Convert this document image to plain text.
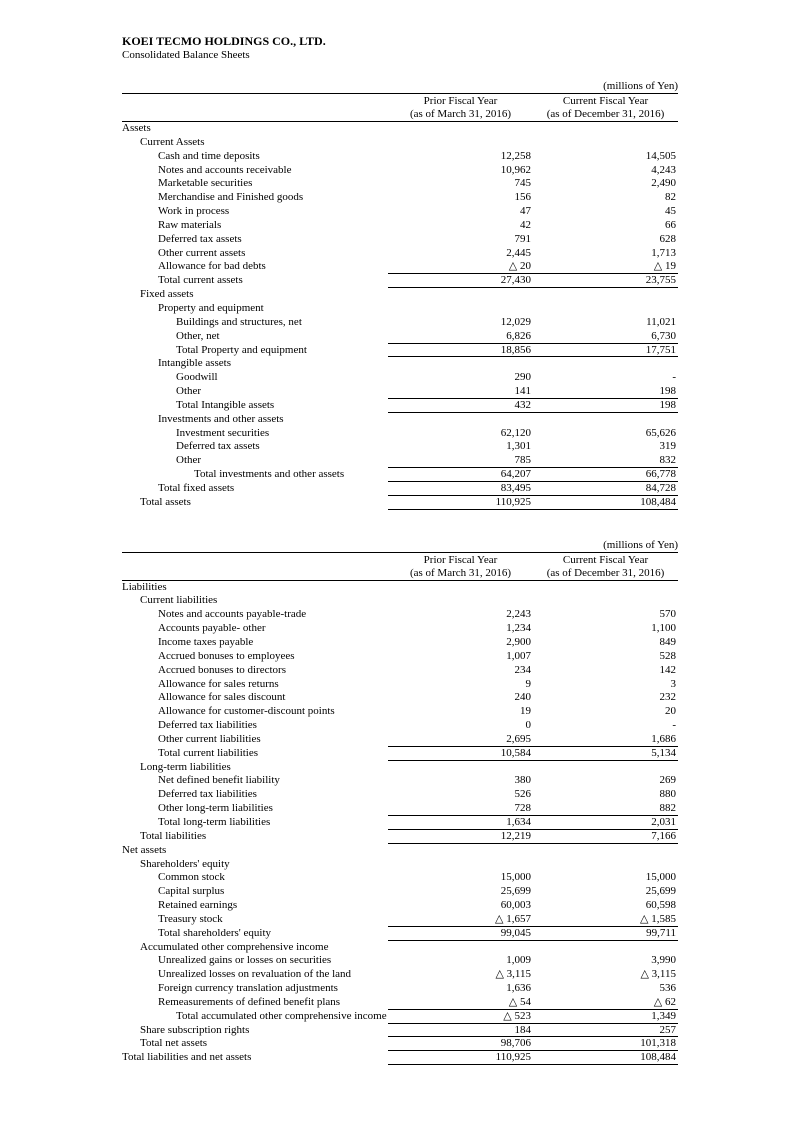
KOEI TECMO HOLDINGS CO., LTD.
Consolidated Balance Sheets
(millions of Yen)
Prior Fiscal Year
(as of March 31, 2016)
Current Fiscal Year
(as of December 31, 2016)
Assets
Current Assets
Cash and time deposits	12,258	14,505
Notes and accounts receivable	10,962	4,243
Marketable securities	745	2,490
Merchandise and Finished goods	156	82
Work in process	47	45
Raw materials	42	66
Deferred tax assets	791	628
Other current assets	2,445	1,713
Allowance for bad debts	△ 20	△ 19
Total current assets	27,430	23,755
Fixed assets
Property and equipment
Buildings and structures, net	12,029	11,021
Other, net	6,826	6,730
Total Property and equipment	18,856	17,751
Intangible assets
Goodwill	290	-
Other	141	198
Total Intangible assets	432	198
Investments and other assets
Investment securities	62,120	65,626
Deferred tax assets	1,301	319
Other	785	832
Total investments and other assets	64,207	66,778
Total fixed assets	83,495	84,728
Total assets	110,925	108,484
(millions of Yen)
Prior Fiscal Year
(as of March 31, 2016)
Current Fiscal Year
(as of December 31, 2016)
Liabilities
Current liabilities
Notes and accounts payable-trade	2,243	570
Accounts payable- other	1,234	1,100
Income taxes payable	2,900	849
Accrued bonuses to employees	1,007	528
Accrued bonuses to directors	234	142
Allowance for sales returns	9	3
Allowance for sales discount	240	232
Allowance for customer-discount points	19	20
Deferred tax liabilities	0	-
Other current liabilities	2,695	1,686
Total current liabilities	10,584	5,134
Long-term liabilities
Net defined benefit liability	380	269
Deferred tax liabilities	526	880
Other long-term liabilities	728	882
Total long-term liabilities	1,634	2,031
Total liabilities	12,219	7,166
Net assets
Shareholders' equity
Common stock	15,000	15,000
Capital surplus	25,699	25,699
Retained earnings	60,003	60,598
Treasury stock	△ 1,657	△ 1,585
Total shareholders' equity	99,045	99,711
Accumulated other comprehensive income
Unrealized gains or losses on securities	1,009	3,990
Unrealized losses on revaluation of the land	△ 3,115	△ 3,115
Foreign currency translation adjustments	1,636	536
Remeasurements of defined benefit plans	△ 54	△ 62
Total accumulated other comprehensive income	△ 523	1,349
Share subscription rights	184	257
Total net assets	98,706	101,318
Total liabilities and net assets	110,925	108,484
